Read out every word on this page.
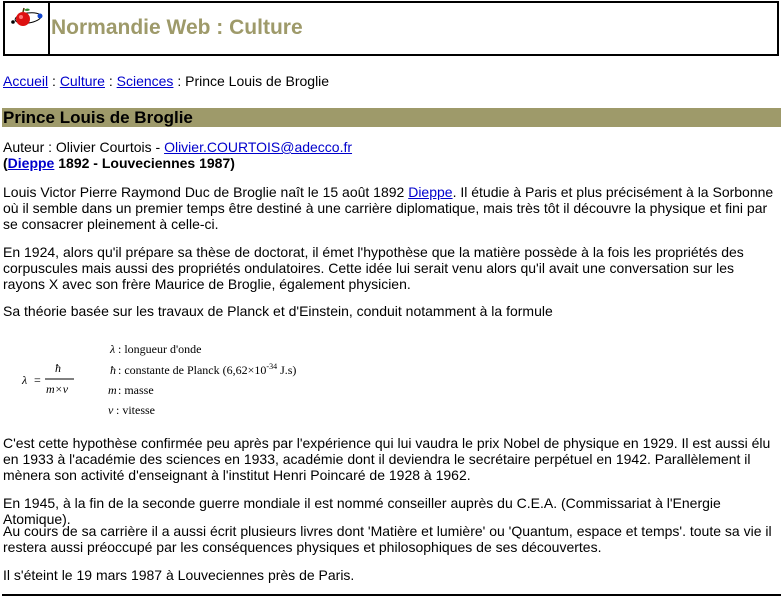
Normandie Web : Culture
Accueil : Culture : Sciences : Prince Louis de Broglie
Prince Louis de Broglie

Auteur : Olivier Courtois - Olivier.COURTOIS@adecco.fr

(Dieppe 1892 - Louveciennes 1987)

Louis Victor Pierre Raymond Duc de Broglie naît le 15 août 1892 Dieppe. Il étudie à Paris et plus précisément à la Sorbonne où il semble dans un premier temps être destiné à une carrière diplomatique, mais très tôt il découvre la physique et fini par se consacrer pleinement à celle-ci.

En 1924, alors qu'il prépare sa thèse de doctorat, il émet l'hypothèse que la matière possède à la fois les propriétés des corpuscules mais aussi des propriétés ondulatoires. Cette idée lui serait venu alors qu'il avait une conversation sur les rayons X avec son frère Maurice de Broglie, également physicien.

Sa théorie basée sur les travaux de Planck et d'Einstein, conduit notamment à la formule

λ =
ħ
m×v
λ : longueur d'onde
ħ : constante de Planck ($6,62\times 10^{-34}$ J.s)
m : masse
v : vitesse

C'est cette hypothèse confirmée peu après par l'expérience qui lui vaudra le prix Nobel de physique en 1929. Il est aussi élu en 1933 à l'académie des sciences en 1933, académie dont il deviendra le secrétaire perpétuel en 1942. Parallèlement il mènera son activité d'enseignant à l'institut Henri Poincaré de 1928 à 1962.

En 1945, à la fin de la seconde guerre mondiale il est nommé conseiller auprès du C.E.A. (Commissariat à l'Energie Atomique).

Au cours de sa carrière il a aussi écrit plusieurs livres dont 'Matière et lumière' ou 'Quantum, espace et temps'. toute sa vie il restera aussi préoccupé par les conséquences physiques et philosophiques de ses découvertes.

Il s'éteint le 19 mars 1987 à Louveciennes près de Paris.
